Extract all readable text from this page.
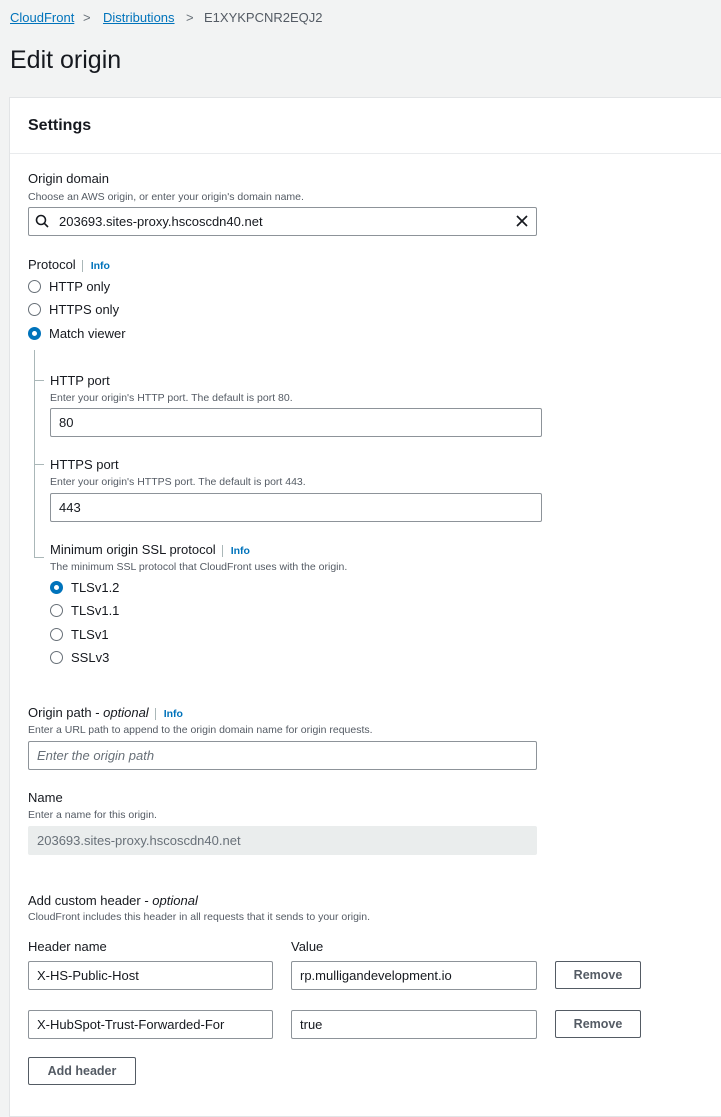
CloudFront > Distributions > E1XYKPCNR2EQJ2
Edit origin
Settings
Origin domain
Choose an AWS origin, or enter your origin's domain name.
203693.sites-proxy.hscoscdn40.net
Protocol Info
HTTP only
HTTPS only
Match viewer
HTTP port
Enter your origin's HTTP port. The default is port 80.
80
HTTPS port
Enter your origin's HTTPS port. The default is port 443.
443
Minimum origin SSL protocol Info
The minimum SSL protocol that CloudFront uses with the origin.
TLSv1.2
TLSv1.1
TLSv1
SSLv3
Origin path - optional Info
Enter a URL path to append to the origin domain name for origin requests.
Enter the origin path
Name
Enter a name for this origin.
203693.sites-proxy.hscoscdn40.net
Add custom header - optional
CloudFront includes this header in all requests that it sends to your origin.
Header name	Value
X-HS-Public-Host	rp.mulligandevelopment.io	Remove
X-HubSpot-Trust-Forwarded-For	true	Remove
Add header
